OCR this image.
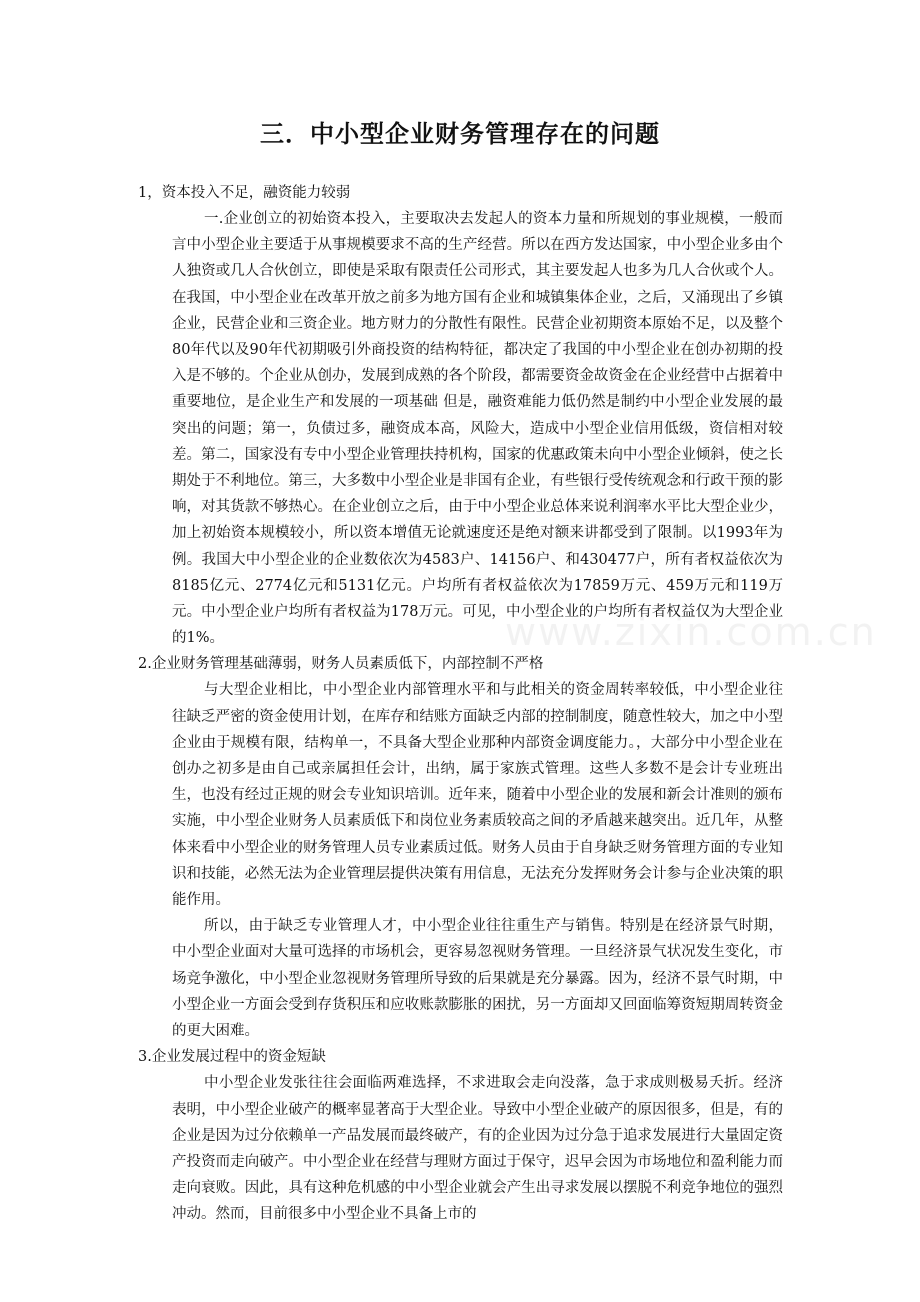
www.zixin.com.cn
三．中小型企业财务管理存在的问题

1，资本投入不足，融资能力较弱

一.企业创立的初始资本投入，主要取决去发起人的资本力量和所规划的事业规模，一般而言中小型企业主要适于从事规模要求不高的生产经营。所以在西方发达国家，中小型企业多由个人独资或几人合伙创立，即使是采取有限责任公司形式，其主要发起人也多为几人合伙或个人。在我国，中小型企业在改革开放之前多为地方国有企业和城镇集体企业，之后，又涌现出了乡镇企业，民营企业和三资企业。地方财力的分散性有限性。民营企业初期资本原始不足，以及整个80年代以及90年代初期吸引外商投资的结构特征，都决定了我国的中小型企业在创办初期的投入是不够的。个企业从创办，发展到成熟的各个阶段，都需要资金故资金在企业经营中占据着中重要地位，是企业生产和发展的一项基础 但是，融资难能力低仍然是制约中小型企业发展的最突出的问题；第一，负债过多，融资成本高，风险大，造成中小型企业信用低级，资信相对较差。第二，国家没有专中小型企业管理扶持机构，国家的优惠政策未向中小型企业倾斜，使之长期处于不利地位。第三，大多数中小型企业是非国有企业，有些银行受传统观念和行政干预的影响，对其货款不够热心。在企业创立之后，由于中小型企业总体来说利润率水平比大型企业少，加上初始资本规模较小，所以资本增值无论就速度还是绝对额来讲都受到了限制。以1993年为例。我国大中小型企业的企业数依次为4583户、14156户、和430477户，所有者权益依次为8185亿元、2774亿元和5131亿元。户均所有者权益依次为17859万元、459万元和119万元。中小型企业户均所有者权益为178万元。可见，中小型企业的户均所有者权益仅为大型企业的1%。

2.企业财务管理基础薄弱，财务人员素质低下，内部控制不严格

与大型企业相比，中小型企业内部管理水平和与此相关的资金周转率较低，中小型企业往往缺乏严密的资金使用计划，在库存和结账方面缺乏内部的控制制度，随意性较大，加之中小型企业由于规模有限，结构单一，不具备大型企业那种内部资金调度能力。，大部分中小型企业在创办之初多是由自己或亲属担任会计，出纳，属于家族式管理。这些人多数不是会计专业班出生，也没有经过正规的财会专业知识培训。近年来，随着中小型企业的发展和新会计准则的颁布实施，中小型企业财务人员素质低下和岗位业务素质较高之间的矛盾越来越突出。近几年，从整体来看中小型企业的财务管理人员专业素质过低。财务人员由于自身缺乏财务管理方面的专业知识和技能，必然无法为企业管理层提供决策有用信息，无法充分发挥财务会计参与企业决策的职能作用。

所以，由于缺乏专业管理人才，中小型企业往往重生产与销售。特别是在经济景气时期，中小型企业面对大量可选择的市场机会，更容易忽视财务管理。一旦经济景气状况发生变化，市场竞争激化，中小型企业忽视财务管理所导致的后果就是充分暴露。因为，经济不景气时期，中小型企业一方面会受到存货积压和应收账款膨胀的困扰，另一方面却又回面临筹资短期周转资金的更大困难。

3.企业发展过程中的资金短缺

中小型企业发张往往会面临两难选择，不求进取会走向没落，急于求成则极易夭折。经济表明，中小型企业破产的概率显著高于大型企业。导致中小型企业破产的原因很多，但是，有的企业是因为过分依赖单一产品发展而最终破产，有的企业因为过分急于追求发展进行大量固定资产投资而走向破产。中小型企业在经营与理财方面过于保守，迟早会因为市场地位和盈利能力而走向衰败。因此，具有这种危机感的中小型企业就会产生出寻求发展以摆脱不利竞争地位的强烈冲动。然而，目前很多中小型企业不具备上市的
